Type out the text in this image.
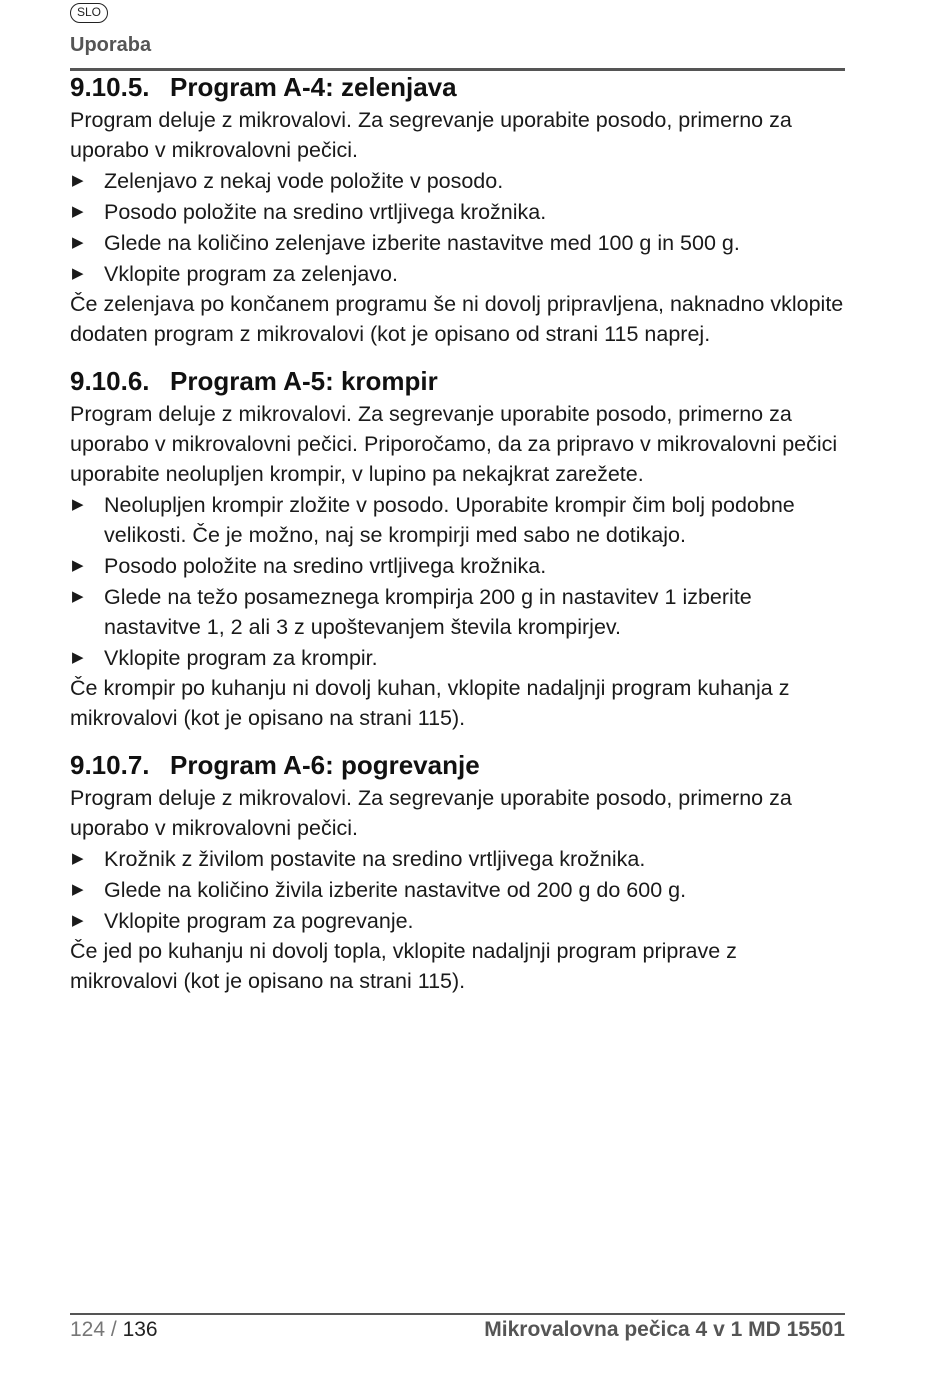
SLO
Uporaba
9.10.5. Program A-4: zelenjava

Program deluje z mikrovalovi. Za segrevanje uporabite posodo, primerno za uporabo v mikrovalovni pečici.

▶ Zelenjavo z nekaj vode položite v posodo.
▶ Posodo položite na sredino vrtljivega krožnika.
▶ Glede na količino zelenjave izberite nastavitve med 100 g in 500 g.
▶ Vklopite program za zelenjavo.

Če zelenjava po končanem programu še ni dovolj pripravljena, naknadno vklopite dodaten program z mikrovalovi (kot je opisano od strani 115 naprej.

9.10.6. Program A-5: krompir

Program deluje z mikrovalovi. Za segrevanje uporabite posodo, primerno za uporabo v mikrovalovni pečici. Priporočamo, da za pripravo v mikrovalovni pečici uporabite neolupljen krompir, v lupino pa nekajkrat zarežete.

▶ Neolupljen krompir zložite v posodo. Uporabite krompir čim bolj podobne velikosti. Če je možno, naj se krompirji med sabo ne dotikajo.
▶ Posodo položite na sredino vrtljivega krožnika.
▶ Glede na težo posameznega krompirja 200 g in nastavitev 1 izberite nastavitve 1, 2 ali 3 z upoštevanjem števila krompirjev.
▶ Vklopite program za krompir.

Če krompir po kuhanju ni dovolj kuhan, vklopite nadaljnji program kuhanja z mikrovalovi (kot je opisano na strani 115).

9.10.7. Program A-6: pogrevanje

Program deluje z mikrovalovi. Za segrevanje uporabite posodo, primerno za uporabo v mikrovalovni pečici.

▶ Krožnik z živilom postavite na sredino vrtljivega krožnika.
▶ Glede na količino živila izberite nastavitve od 200 g do 600 g.
▶ Vklopite program za pogrevanje.

Če jed po kuhanju ni dovolj topla, vklopite nadaljnji program priprave z mikrovalovi (kot je opisano na strani 115).

124 / 136	Mikrovalovna pečica 4 v 1 MD 15501
